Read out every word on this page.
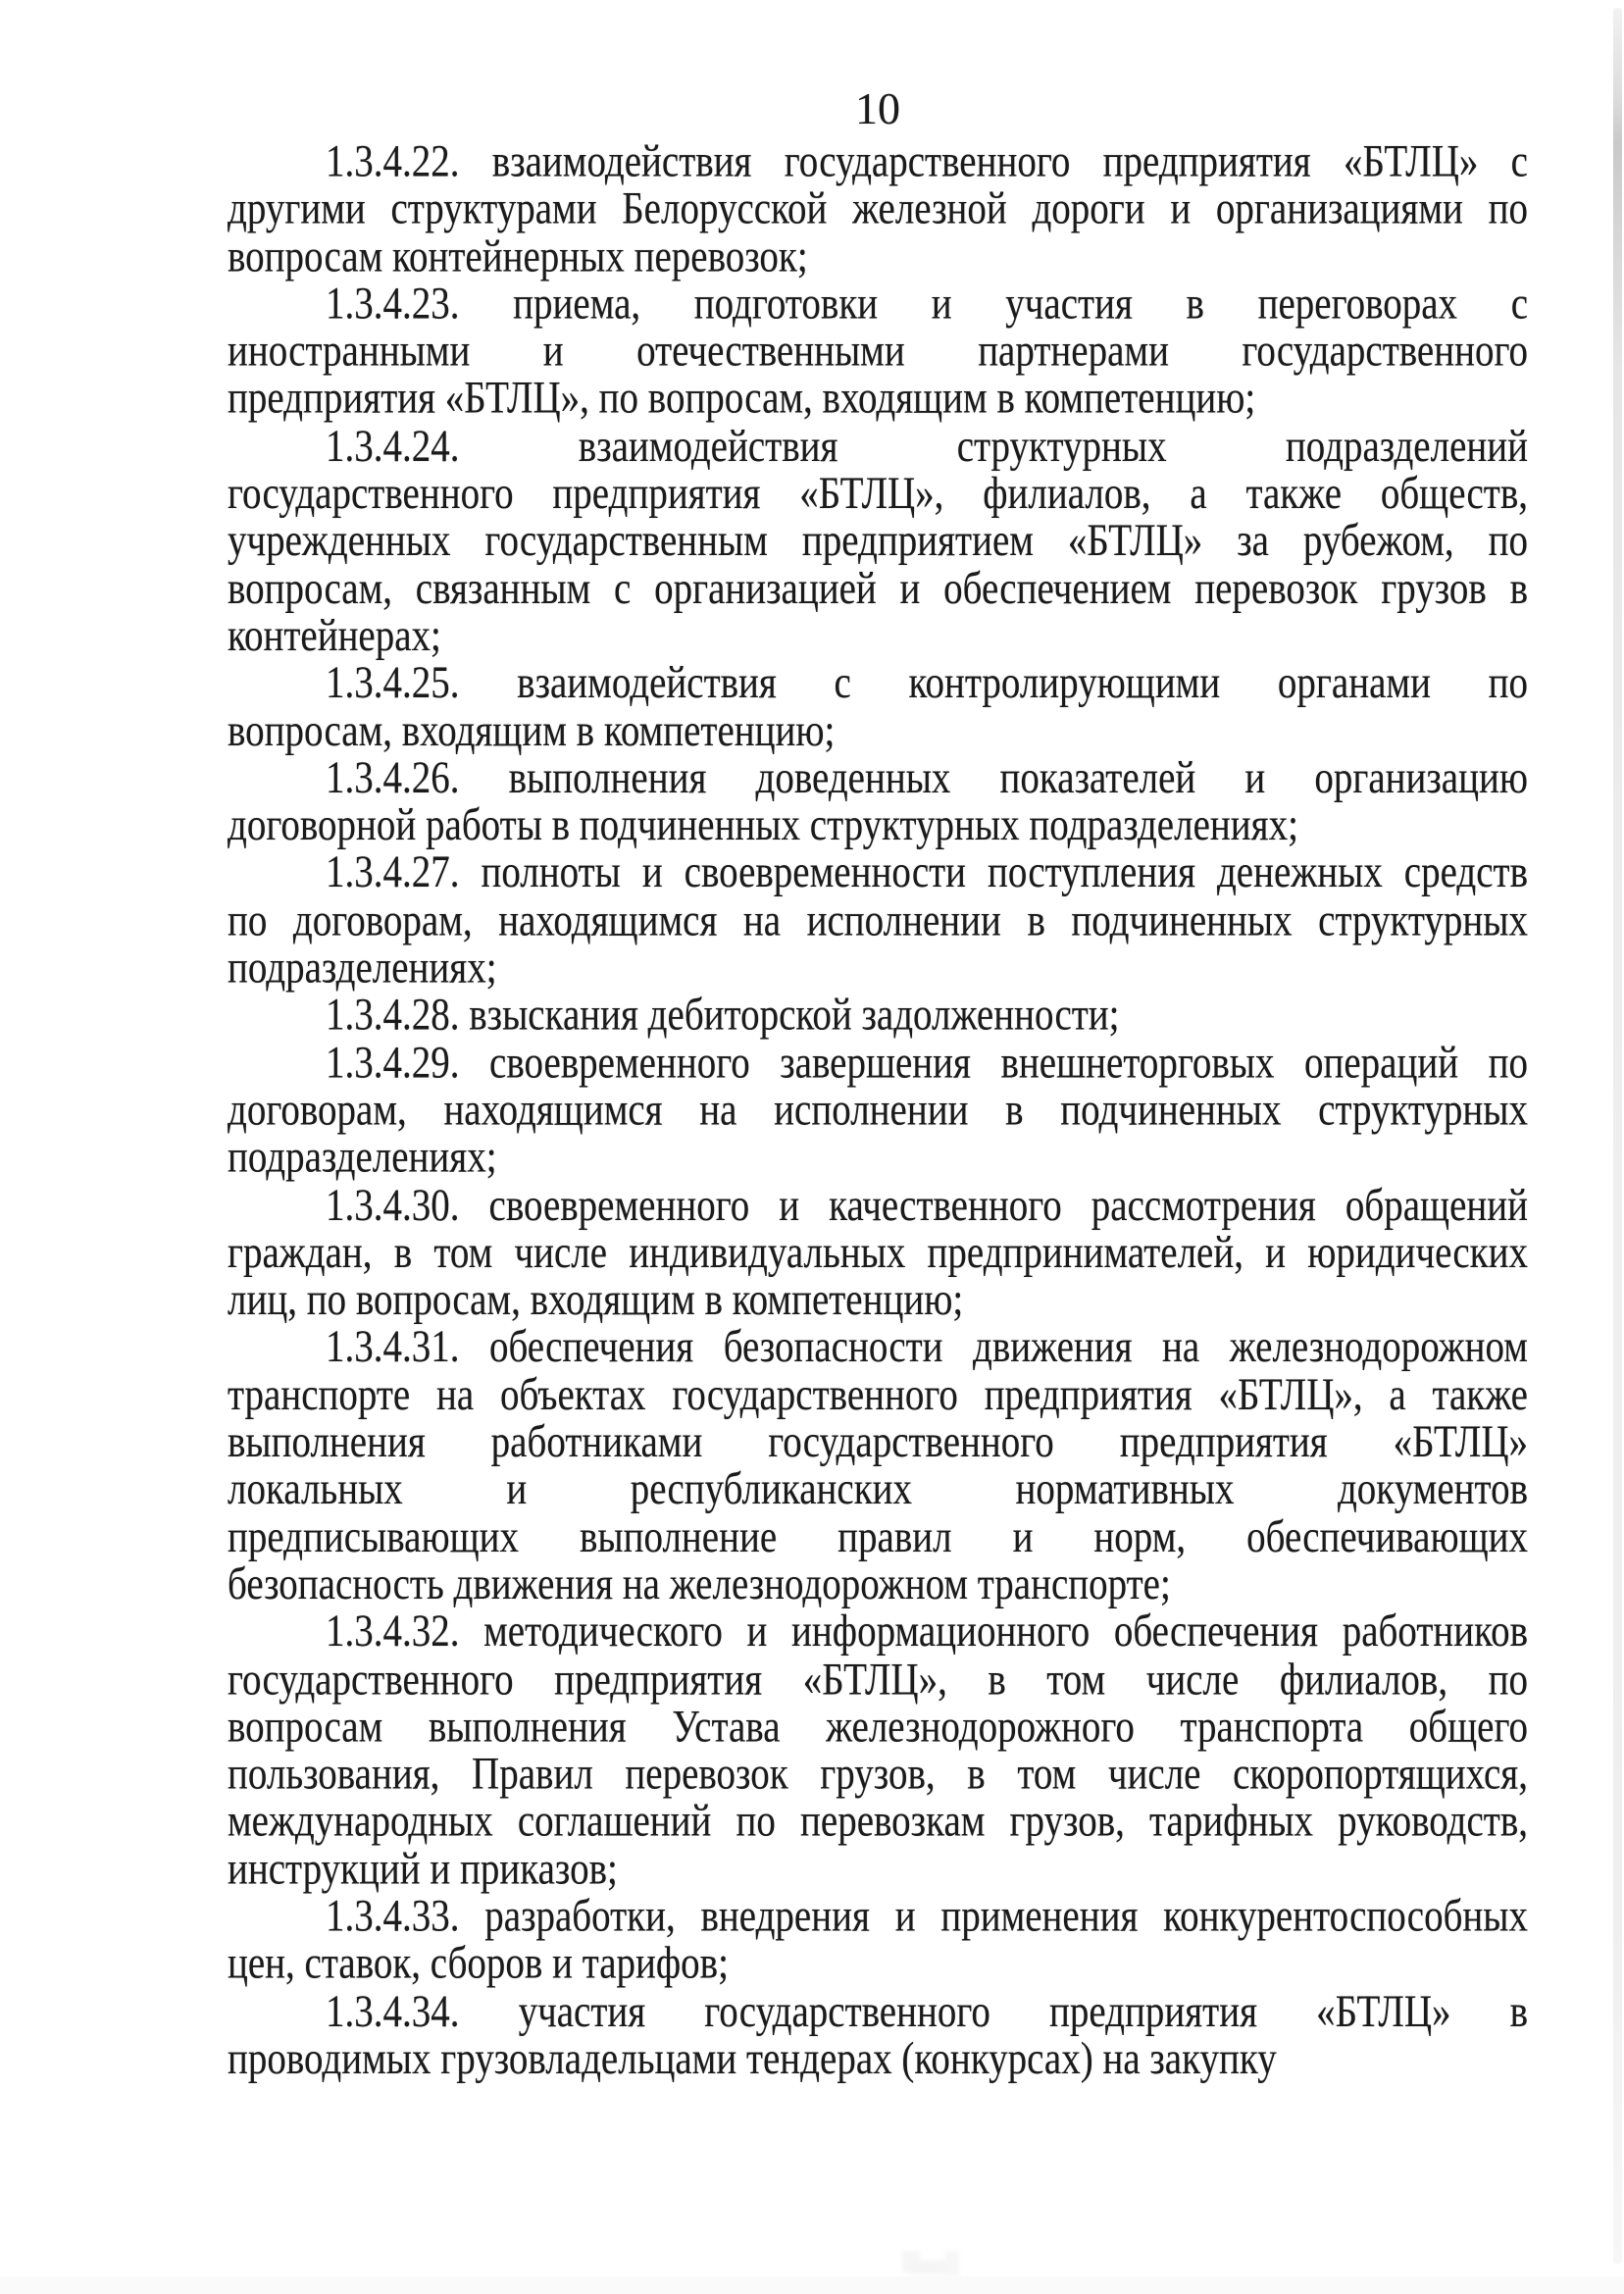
10
1.3.4.22. взаимодействия государственного предприятия «БТЛЦ» с
другими структурами Белорусской железной дороги и организациями по
вопросам контейнерных перевозок;
1.3.4.23. приема, подготовки и участия в переговорах с
иностранными и отечественными партнерами государственного
предприятия «БТЛЦ», по вопросам, входящим в компетенцию;
1.3.4.24. взаимодействия структурных подразделений
государственного предприятия «БТЛЦ», филиалов, а также обществ,
учрежденных государственным предприятием «БТЛЦ» за рубежом, по
вопросам, связанным с организацией и обеспечением перевозок грузов в
контейнерах;
1.3.4.25. взаимодействия с контролирующими органами по
вопросам, входящим в компетенцию;
1.3.4.26. выполнения доведенных показателей и организацию
договорной работы в подчиненных структурных подразделениях;
1.3.4.27. полноты и своевременности поступления денежных средств
по договорам, находящимся на исполнении в подчиненных структурных
подразделениях;
1.3.4.28. взыскания дебиторской задолженности;
1.3.4.29. своевременного завершения внешнеторговых операций по
договорам, находящимся на исполнении в подчиненных структурных
подразделениях;
1.3.4.30. своевременного и качественного рассмотрения обращений
граждан, в том числе индивидуальных предпринимателей, и юридических
лиц, по вопросам, входящим в компетенцию;
1.3.4.31. обеспечения безопасности движения на железнодорожном
транспорте на объектах государственного предприятия «БТЛЦ», а также
выполнения работниками государственного предприятия «БТЛЦ»
локальных и республиканских нормативных документов
предписывающих выполнение правил и норм, обеспечивающих
безопасность движения на железнодорожном транспорте;
1.3.4.32. методического и информационного обеспечения работников
государственного предприятия «БТЛЦ», в том числе филиалов, по
вопросам выполнения Устава железнодорожного транспорта общего
пользования, Правил перевозок грузов, в том числе скоропортящихся,
международных соглашений по перевозкам грузов, тарифных руководств,
инструкций и приказов;
1.3.4.33. разработки, внедрения и применения конкурентоспособных
цен, ставок, сборов и тарифов;
1.3.4.34. участия государственного предприятия «БТЛЦ» в
проводимых грузовладельцами тендерах (конкурсах) на закупку
